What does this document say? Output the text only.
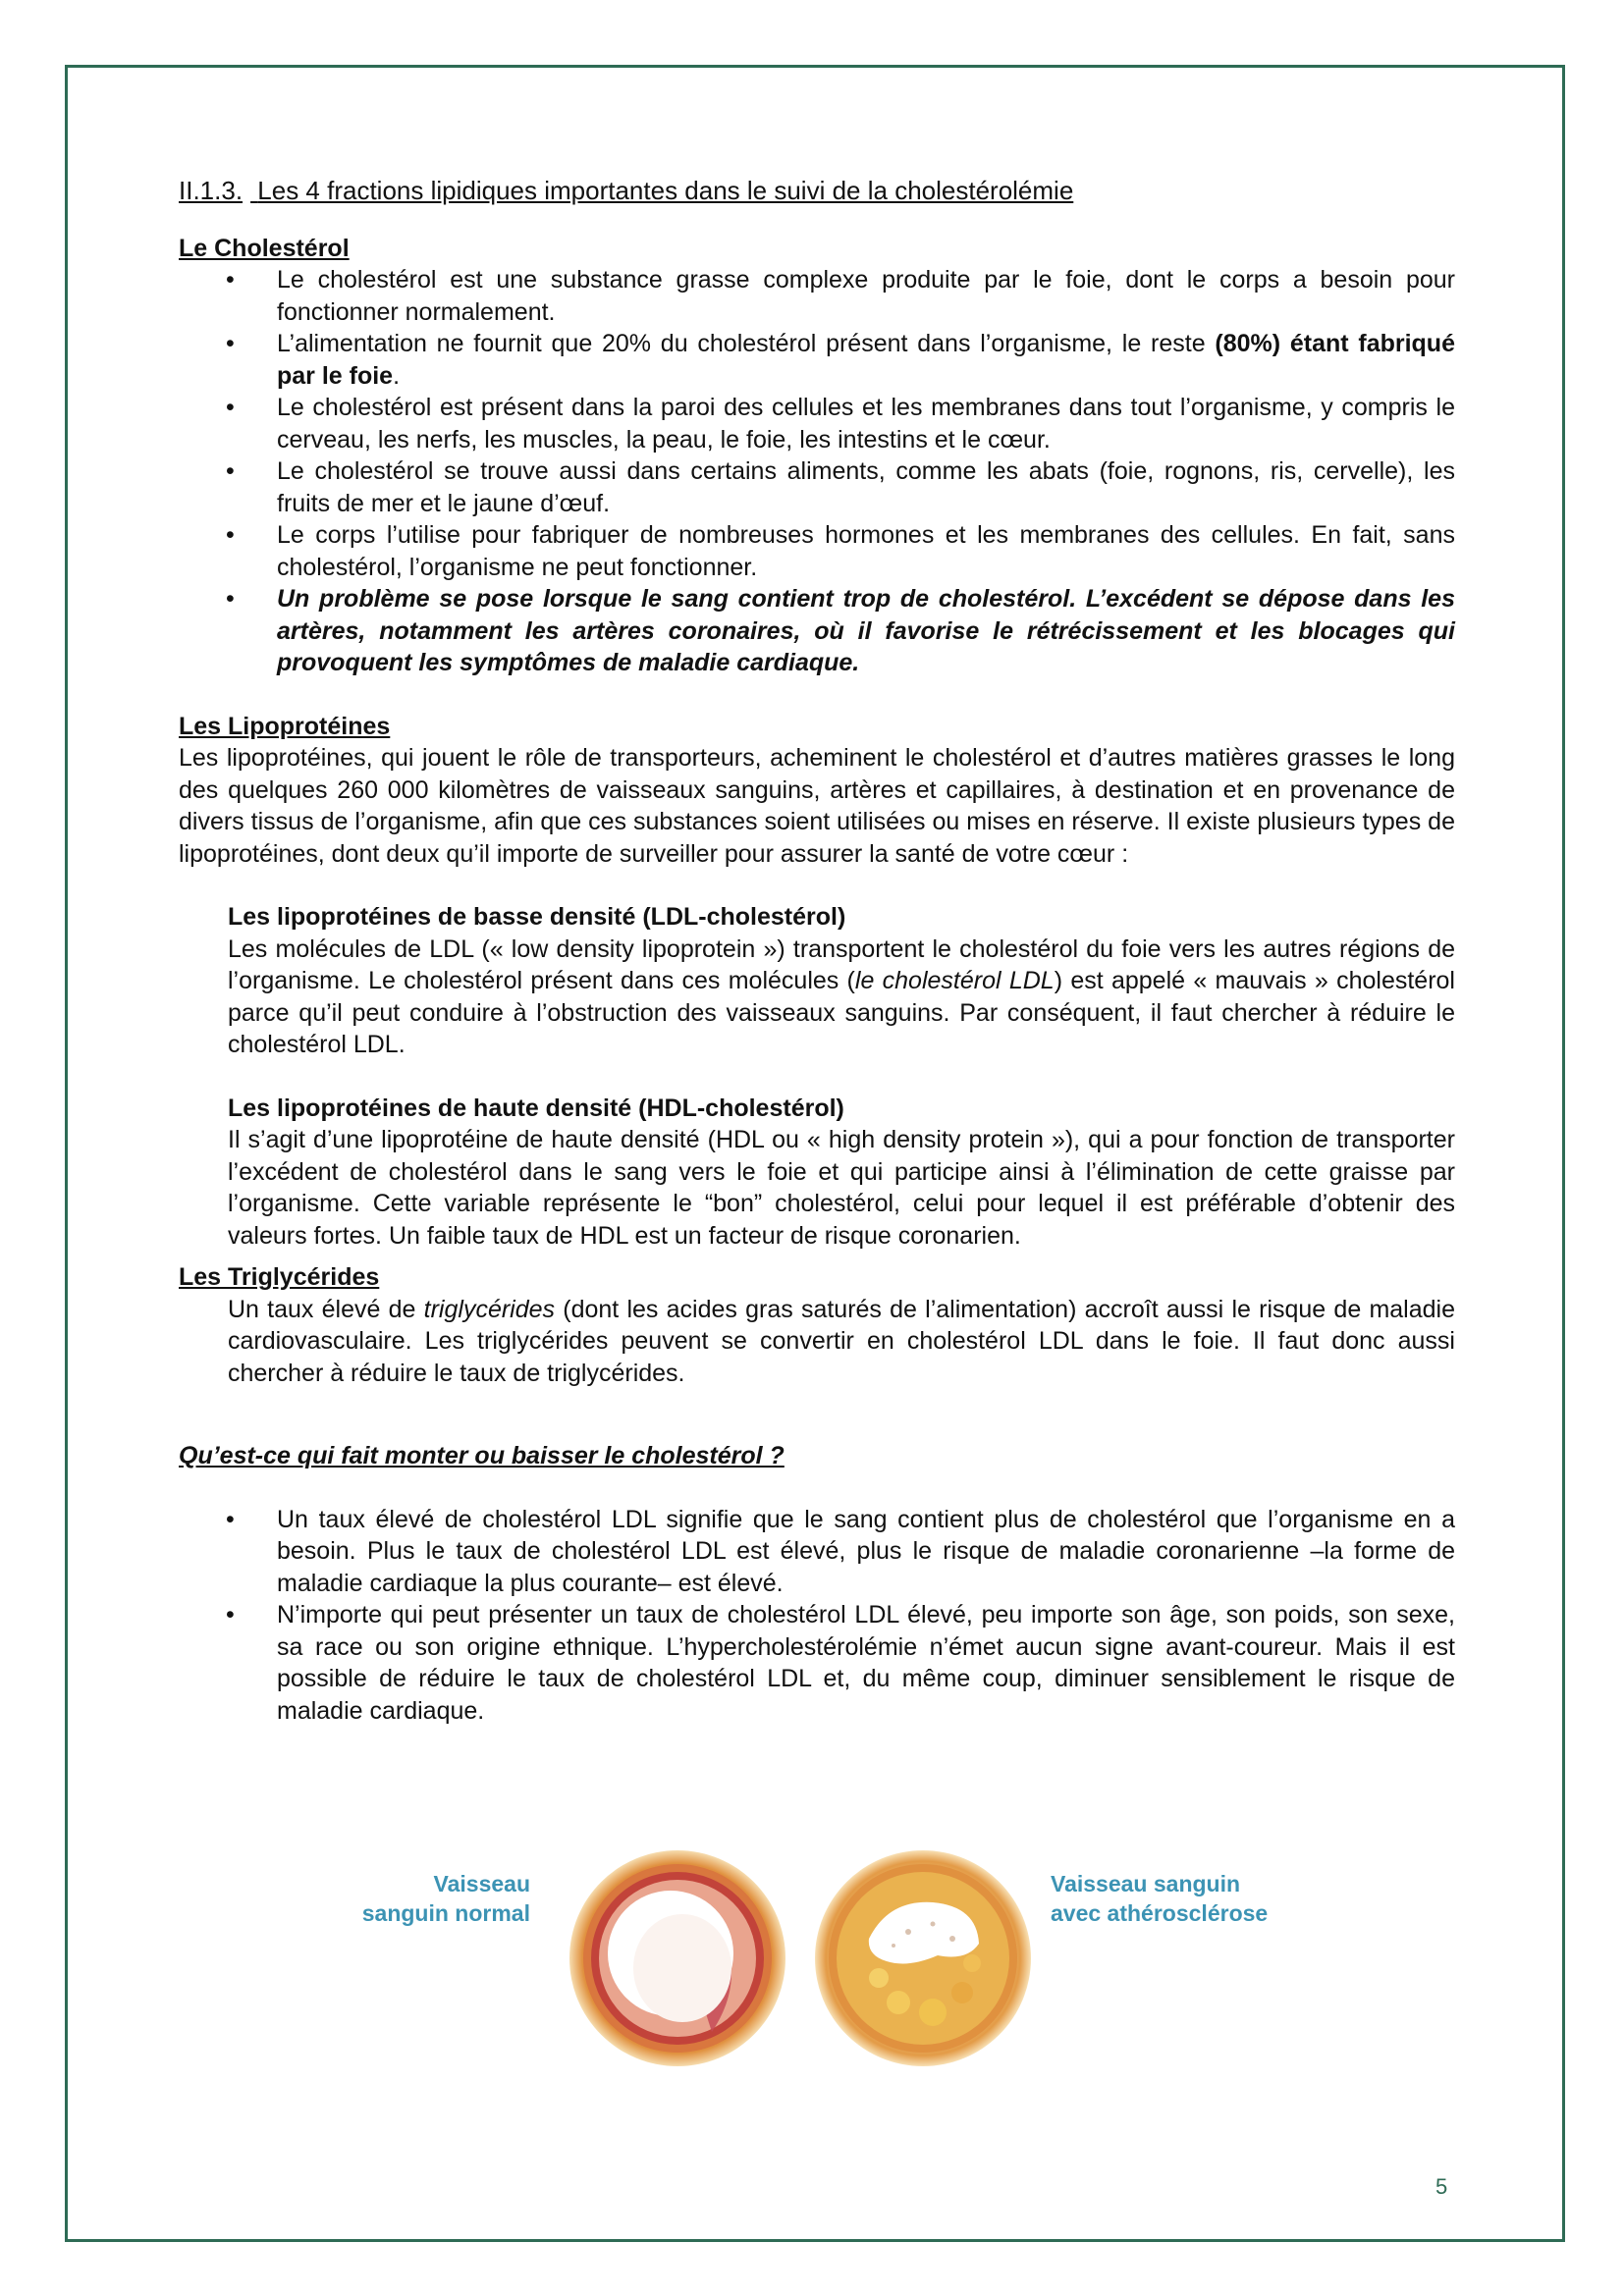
II.1.3. Les 4 fractions lipidiques importantes dans le suivi de la cholestérolémie

Le Cholestérol

• Le cholestérol est une substance grasse complexe produite par le foie, dont le corps a besoin pour fonctionner normalement.
• L’alimentation ne fournit que 20% du cholestérol présent dans l’organisme, le reste (80%) étant fabriqué par le foie.
• Le cholestérol est présent dans la paroi des cellules et les membranes dans tout l’organisme, y compris le cerveau, les nerfs, les muscles, la peau, le foie, les intestins et le cœur.
• Le cholestérol se trouve aussi dans certains aliments, comme les abats (foie, rognons, ris, cervelle), les fruits de mer et le jaune d’œuf.
• Le corps l’utilise pour fabriquer de nombreuses hormones et les membranes des cellules. En fait, sans cholestérol, l’organisme ne peut fonctionner.
• Un problème se pose lorsque le sang contient trop de cholestérol. L’excédent se dépose dans les artères, notamment les artères coronaires, où il favorise le rétrécissement et les blocages qui provoquent les symptômes de maladie cardiaque.

Les Lipoprotéines

Les lipoprotéines, qui jouent le rôle de transporteurs, acheminent le cholestérol et d’autres matières grasses le long des quelques 260 000 kilomètres de vaisseaux sanguins, artères et capillaires, à destination et en provenance de divers tissus de l’organisme, afin que ces substances soient utilisées ou mises en réserve. Il existe plusieurs types de lipoprotéines, dont deux qu’il importe de surveiller pour assurer la santé de votre cœur :

Les lipoprotéines de basse densité (LDL-cholestérol)

Les molécules de LDL (« low density lipoprotein ») transportent le cholestérol du foie vers les autres régions de l’organisme. Le cholestérol présent dans ces molécules (le cholestérol LDL) est appelé « mauvais » cholestérol parce qu’il peut conduire à l’obstruction des vaisseaux sanguins. Par conséquent, il faut chercher à réduire le cholestérol LDL.

Les lipoprotéines de haute densité (HDL-cholestérol)

Il s’agit d’une lipoprotéine de haute densité (HDL ou « high density protein »), qui a pour fonction de transporter l’excédent de cholestérol dans le sang vers le foie et qui participe ainsi à l’élimination de cette graisse par l’organisme. Cette variable représente le “bon” cholestérol, celui pour lequel il est préférable d’obtenir des valeurs fortes. Un faible taux de HDL est un facteur de risque coronarien.

Les Triglycérides

Un taux élevé de triglycérides (dont les acides gras saturés de l’alimentation) accroît aussi le risque de maladie cardiovasculaire. Les triglycérides peuvent se convertir en cholestérol LDL dans le foie. Il faut donc aussi chercher à réduire le taux de triglycérides.

Qu’est-ce qui fait monter ou baisser le cholestérol ?

• Un taux élevé de cholestérol LDL signifie que le sang contient plus de cholestérol que l’organisme en a besoin. Plus le taux de cholestérol LDL est élevé, plus le risque de maladie coronarienne –la forme de maladie cardiaque la plus courante– est élevé.
• N’importe qui peut présenter un taux de cholestérol LDL élevé, peu importe son âge, son poids, son sexe, sa race ou son origine ethnique. L’hypercholestérolémie n’émet aucun signe avant-coureur. Mais il est possible de réduire le taux de cholestérol LDL et, du même coup, diminuer sensiblement le risque de maladie cardiaque.
Vaisseau
sanguin normal
Vaisseau sanguin
avec athérosclérose
5
